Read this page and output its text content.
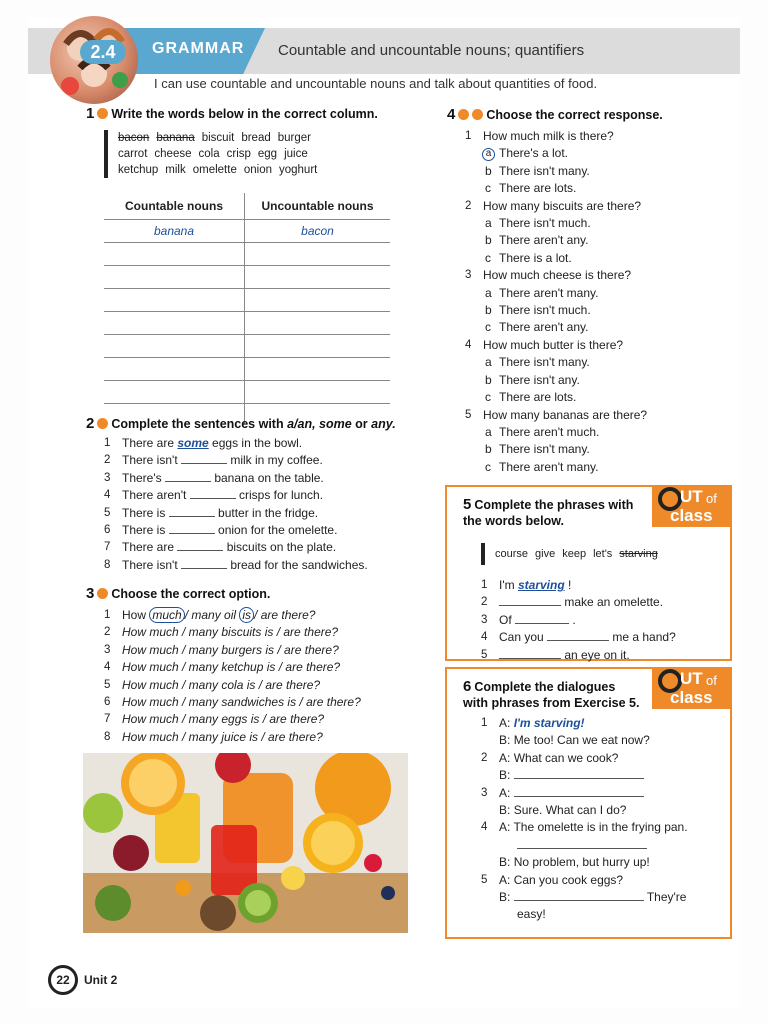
2.4	GRAMMAR Countable and uncountable nouns; quantifiers
I can use countable and uncountable nouns and talk about quantities of food.
1 Write the words below in the correct column.
bacon banana biscuit bread burger
carrot cheese cola crisp egg juice
ketchup milk omelette onion yoghurt
Countable nouns	Uncountable nouns
banana	bacon

2 Complete the sentences with a/an, some or any.
1 There are some eggs in the bowl.
2 There isn't	milk in my coffee.
3 There's	banana on the table.
4 There aren't	crisps for lunch.
5 There is	butter in the fridge.
6 There is	onion for the omelette.
7 There are	biscuits on the plate.
8 There isn't	bread for the sandwiches.
3 Choose the correct option.
1 How much / many oil is / are there?
2 How much / many biscuits is / are there?
3 How much / many burgers is / are there?
4 How much / many ketchup is / are there?
5 How much / many cola is / are there?
6 How much / many sandwiches is / are there?
7 How much / many eggs is / are there?
8 How much / many juice is / are there?
4 Choose the correct response.
1 How much milk is there?
a There's a lot.
b There isn't many.
c There are lots.
2 How many biscuits are there?
a There isn't much.
b There aren't any.
c There is a lot.
3 How much cheese is there?
a There aren't many.
b There isn't much.
c There aren't any.
4 How much butter is there?
a There isn't many.
b There isn't any.
c There are lots.
5 How many bananas are there?
a There aren't much.
b There isn't many.
c There aren't many.
UT of
class
5 Complete the phrases with the words below.
course give keep let's starving
1 I'm starving !
2	make an omelette.
3 Of	.
4 Can you	me a hand?
5	an eye on it.
UT of
class
6 Complete the dialogues with phrases from Exercise 5.
1 A: I'm starving!
B: Me too! Can we eat now?
2 A: What can we cook?
B:
3 A:
B: Sure. What can I do?
4 A: The omelette is in the frying pan.
B: No problem, but hurry up!
5 A: Can you cook eggs?
B:	They're
easy!
22 Unit 2
